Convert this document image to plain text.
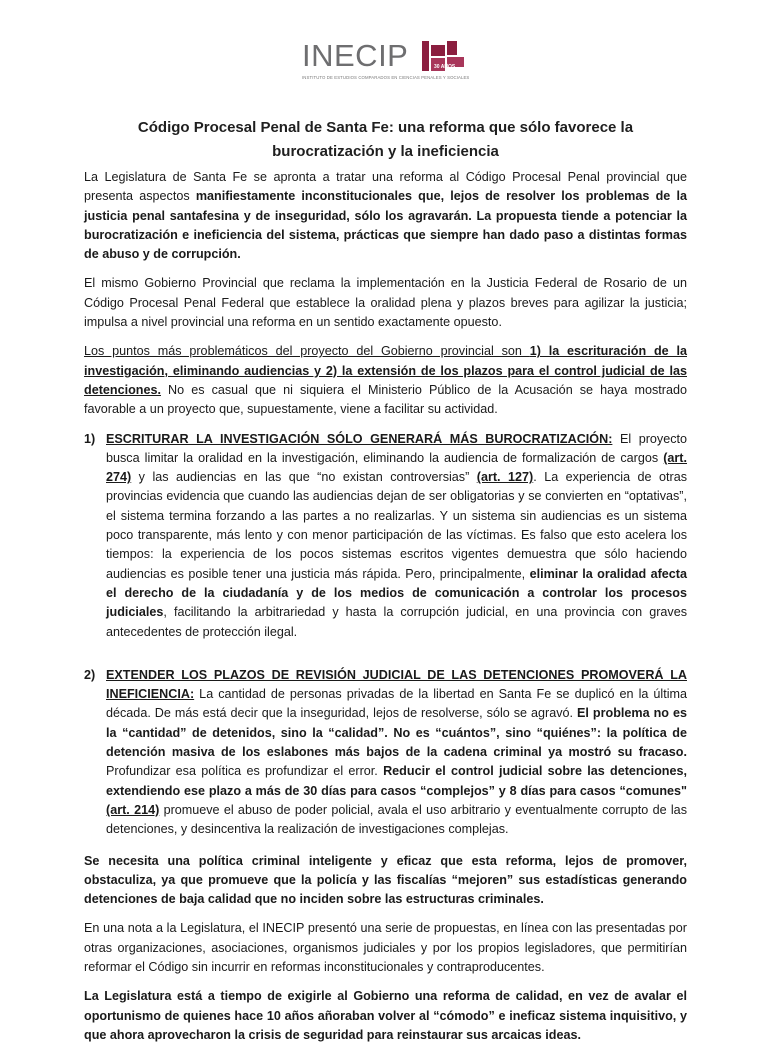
INECIP	30 AÑOS
INSTITUTO DE ESTUDIOS COMPARADOS EN CIENCIAS PENALES Y SOCIALES
Código Procesal Penal de Santa Fe: una reforma que sólo favorece la
burocratización y la ineficiencia

La Legislatura de Santa Fe se apronta a tratar una reforma al Código Procesal Penal provincial que presenta aspectos manifiestamente inconstitucionales que, lejos de resolver los problemas de la justicia penal santafesina y de inseguridad, sólo los agravarán. La propuesta tiende a potenciar la burocratización e ineficiencia del sistema, prácticas que siempre han dado paso a distintas formas de abuso y de corrupción.

El mismo Gobierno Provincial que reclama la implementación en la Justicia Federal de Rosario de un Código Procesal Penal Federal que establece la oralidad plena y plazos breves para agilizar la justicia; impulsa a nivel provincial una reforma en un sentido exactamente opuesto.

Los puntos más problemáticos del proyecto del Gobierno provincial son 1) la escrituración de la investigación, eliminando audiencias y 2) la extensión de los plazos para el control judicial de las detenciones. No es casual que ni siquiera el Ministerio Público de la Acusación se haya mostrado favorable a un proyecto que, supuestamente, viene a facilitar su actividad.

1) ESCRITURAR LA INVESTIGACIÓN SÓLO GENERARÁ MÁS BUROCRATIZACIÓN: El proyecto busca limitar la oralidad en la investigación, eliminando la audiencia de formalización de cargos (art. 274) y las audiencias en las que “no existan controversias” (art. 127). La experiencia de otras provincias evidencia que cuando las audiencias dejan de ser obligatorias y se convierten en “optativas”, el sistema termina forzando a las partes a no realizarlas. Y un sistema sin audiencias es un sistema poco transparente, más lento y con menor participación de las víctimas. Es falso que esto acelera los tiempos: la experiencia de los pocos sistemas escritos vigentes demuestra que sólo haciendo audiencias es posible tener una justicia más rápida. Pero, principalmente, eliminar la oralidad afecta el derecho de la ciudadanía y de los medios de comunicación a controlar los procesos judiciales, facilitando la arbitrariedad y hasta la corrupción judicial, en una provincia con graves antecedentes de protección ilegal.
2) EXTENDER LOS PLAZOS DE REVISIÓN JUDICIAL DE LAS DETENCIONES PROMOVERÁ LA INEFICIENCIA: La cantidad de personas privadas de la libertad en Santa Fe se duplicó en la última década. De más está decir que la inseguridad, lejos de resolverse, sólo se agravó. El problema no es la “cantidad” de detenidos, sino la “calidad”. No es “cuántos”, sino “quiénes”: la política de detención masiva de los eslabones más bajos de la cadena criminal ya mostró su fracaso. Profundizar esa política es profundizar el error. Reducir el control judicial sobre las detenciones, extendiendo ese plazo a más de 30 días para casos “complejos” y 8 días para casos “comunes" (art. 214) promueve el abuso de poder policial, avala el uso arbitrario y eventualmente corrupto de las detenciones, y desincentiva la realización de investigaciones complejas.

Se necesita una política criminal inteligente y eficaz que esta reforma, lejos de promover, obstaculiza, ya que promueve que la policía y las fiscalías “mejoren” sus estadísticas generando detenciones de baja calidad que no inciden sobre las estructuras criminales.

En una nota a la Legislatura, el INECIP presentó una serie de propuestas, en línea con las presentadas por otras organizaciones, asociaciones, organismos judiciales y por los propios legisladores, que permitirían reformar el Código sin incurrir en reformas inconstitucionales y contraproducentes.

La Legislatura está a tiempo de exigirle al Gobierno una reforma de calidad, en vez de avalar el oportunismo de quienes hace 10 años añoraban volver al “cómodo” e ineficaz sistema inquisitivo, y que ahora aprovecharon la crisis de seguridad para reinstaurar sus arcaicas ideas.
